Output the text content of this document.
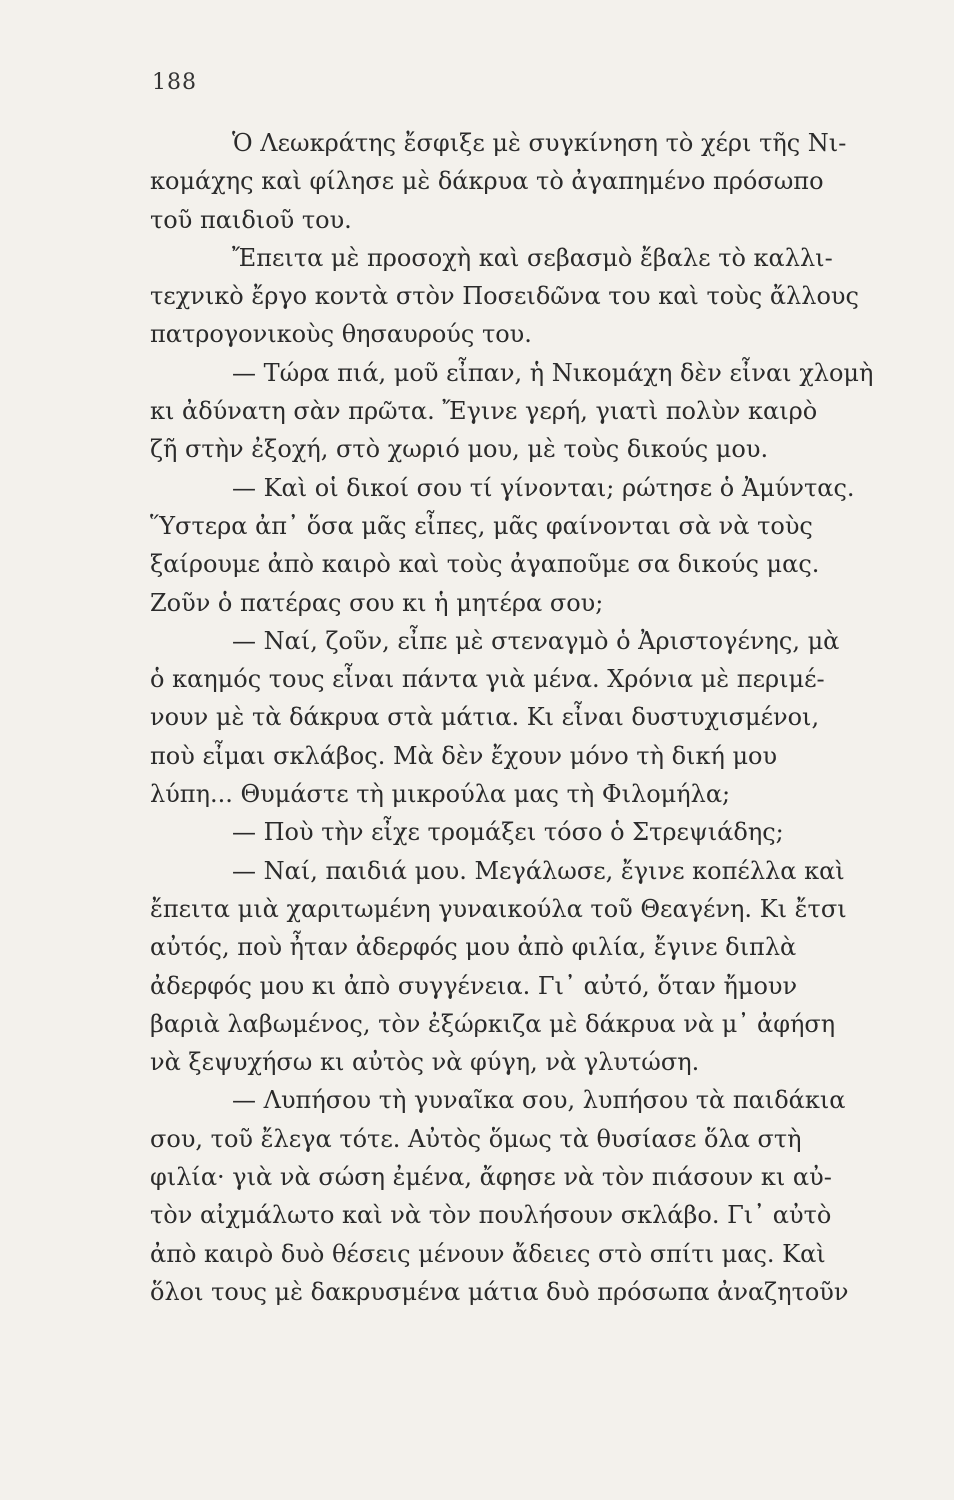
188
Ὁ Λεωκράτης ἔσφιξε μὲ συγκίνηση τὸ χέρι τῆς Νι-
κομάχης καὶ φίλησε μὲ δάκρυα τὸ ἀγαπημένο πρόσωπο
τοῦ παιδιοῦ του.
Ἔπειτα μὲ προσοχὴ καὶ σεβασμὸ ἔβαλε τὸ καλλι-
τεχνικὸ ἔργο κοντὰ στὸν Ποσειδῶνα του καὶ τοὺς ἄλλους
πατρογονικοὺς θησαυρούς του.
— Τώρα πιά, μοῦ εἶπαν, ἡ Νικομάχη δὲν εἶναι χλομὴ
κι ἀδύνατη σὰν πρῶτα. Ἔγινε γερή, γιατὶ πολὺν καιρὸ
ζῆ στὴν ἐξοχή, στὸ χωριό μου, μὲ τοὺς δικούς μου.
— Καὶ οἱ δικοί σου τί γίνονται; ρώτησε ὁ Ἀμύντας.
Ὕστερα ἀπ᾽ ὅσα μᾶς εἶπες, μᾶς φαίνονται σὰ νὰ τοὺς
ξαίρουμε ἀπὸ καιρὸ καὶ τοὺς ἀγαποῦμε σα δικούς μας.
Ζοῦν ὁ πατέρας σου κι ἡ μητέρα σου;
— Ναί, ζοῦν, εἶπε μὲ στεναγμὸ ὁ Ἀριστογένης, μὰ
ὁ καημός τους εἶναι πάντα γιὰ μένα. Χρόνια μὲ περιμέ-
νουν μὲ τὰ δάκρυα στὰ μάτια. Κι εἶναι δυστυχισμένοι,
ποὺ εἶμαι σκλάβος. Μὰ δὲν ἔχουν μόνο τὴ δική μου
λύπη... Θυμάστε τὴ μικρούλα μας τὴ Φιλομήλα;
— Ποὺ τὴν εἶχε τρομάξει τόσο ὁ Στρεψιάδης;
— Ναί, παιδιά μου. Μεγάλωσε, ἔγινε κοπέλλα καὶ
ἔπειτα μιὰ χαριτωμένη γυναικούλα τοῦ Θεαγένη. Κι ἔτσι
αὐτός, ποὺ ἦταν ἀδερφός μου ἀπὸ φιλία, ἔγινε διπλὰ
ἀδερφός μου κι ἀπὸ συγγένεια. Γι᾽ αὐτό, ὅταν ἤμουν
βαριὰ λαβωμένος, τὸν ἐξώρκιζα μὲ δάκρυα νὰ μ᾽ ἀφήση
νὰ ξεψυχήσω κι αὐτὸς νὰ φύγη, νὰ γλυτώση.
— Λυπήσου τὴ γυναῖκα σου, λυπήσου τὰ παιδάκια
σου, τοῦ ἔλεγα τότε. Αὐτὸς ὅμως τὰ θυσίασε ὅλα στὴ
φιλία· γιὰ νὰ σώση ἐμένα, ἄφησε νὰ τὸν πιάσουν κι αὐ-
τὸν αἰχμάλωτο καὶ νὰ τὸν πουλήσουν σκλάβο. Γι᾽ αὐτὸ
ἀπὸ καιρὸ δυὸ θέσεις μένουν ἄδειες στὸ σπίτι μας. Καὶ
ὅλοι τους μὲ δακρυσμένα μάτια δυὸ πρόσωπα ἀναζητοῦν
